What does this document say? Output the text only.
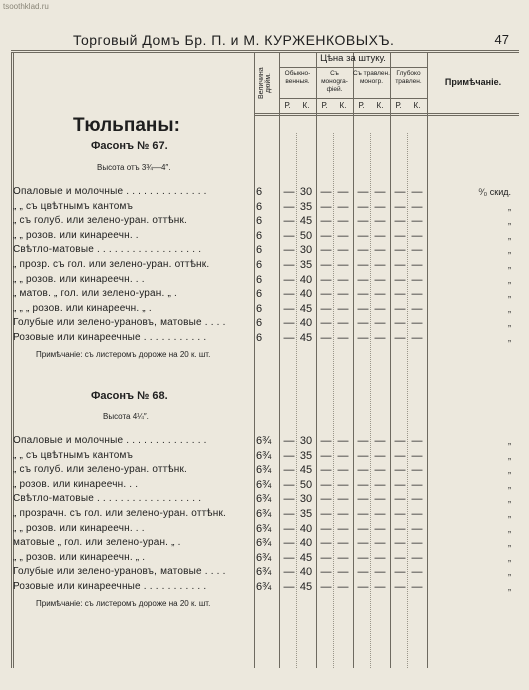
tsoothklad.ru
Торговый Домъ Бр. П. и М. КУРЖЕНКОВЫХЪ.	47
Величина дюйм.
Цѣна за штуку.
Обыкно- венныя.
Съ монogra- фiей.
Съ травлен. моногр.
Глубоко травлен.	Примѣчанiе.
Р.	К.	Р.	К.	Р.	К.	Р.	К.
Тюльпаны:
Фасонъ № 67.
Высота отъ 3¾—4″.
Опаловые и молочные . . . . . . . . . . . . . .	6	— 30 — — — — — —	⁰⁄₀ скид.
„ „ съ цвѣтнымъ кантомъ	6	— 35 — — — — — —	„
„ съ голуб. или зелено-уран. оттѣнк.	6	— 45 — — — — — —	„
„ „ розов. или кинареечн. .	6	— 50 — — — — — —	„
Свѣтло-матовые . . . . . . . . . . . . . . . . . .	6	— 30 — — — — — —	„
„ прозр. съ гол. или зелено-уран. оттѣнк.	6	— 35 — — — — — —	„
„ „ розов. или кинареечн. . .	6	— 40 — — — — — —	„
„ матов. „ гол. или зелено-уран. „ .	6	— 40 — — — — — —	„
„ „ „ розов. или кинареечн. „ .	6	— 45 — — — — — —	„
Голубые или зелено-урановъ, матовые . . . .	6	— 40 — — — — — —	„
Розовые или кинареечные . . . . . . . . . . .	6	— 45 — — — — — —	„
Примѣчанiе: съ листеромъ дороже на 20 к. шт.
Фасонъ № 68.
Высота 4¼″.
Опаловые и молочные . . . . . . . . . . . . . .	6¾	— 30 — — — — — —	„
„ „ съ цвѣтнымъ кантомъ	6¾	— 35 — — — — — —	„
„ съ голуб. или зелено-уран. оттѣнк.	6¾	— 45 — — — — — —	„
„ розов. или кинареечн. . .	6¾	— 50 — — — — — —	„
Свѣтло-матовые . . . . . . . . . . . . . . . . . .	6¾	— 30 — — — — — —	„
„ прозрачн. съ гол. или зелено-уран. оттѣнк.	6¾	— 35 — — — — — —	„
„ „ розов. или кинареечн. . .	6¾	— 40 — — — — — —	„
матовые „ гол. или зелено-уран. „ .	6¾	— 40 — — — — — —	„
„ „ розов. или кинареечн. „ .	6¾	— 45 — — — — — —	„
Голубые или зелено-урановъ, матовые . . . .	6¾	— 40 — — — — — —	„
Розовые или кинареечные . . . . . . . . . . .	6¾	— 45 — — — — — —	„
Примѣчанiе: съ листеромъ дороже на 20 к. шт.
